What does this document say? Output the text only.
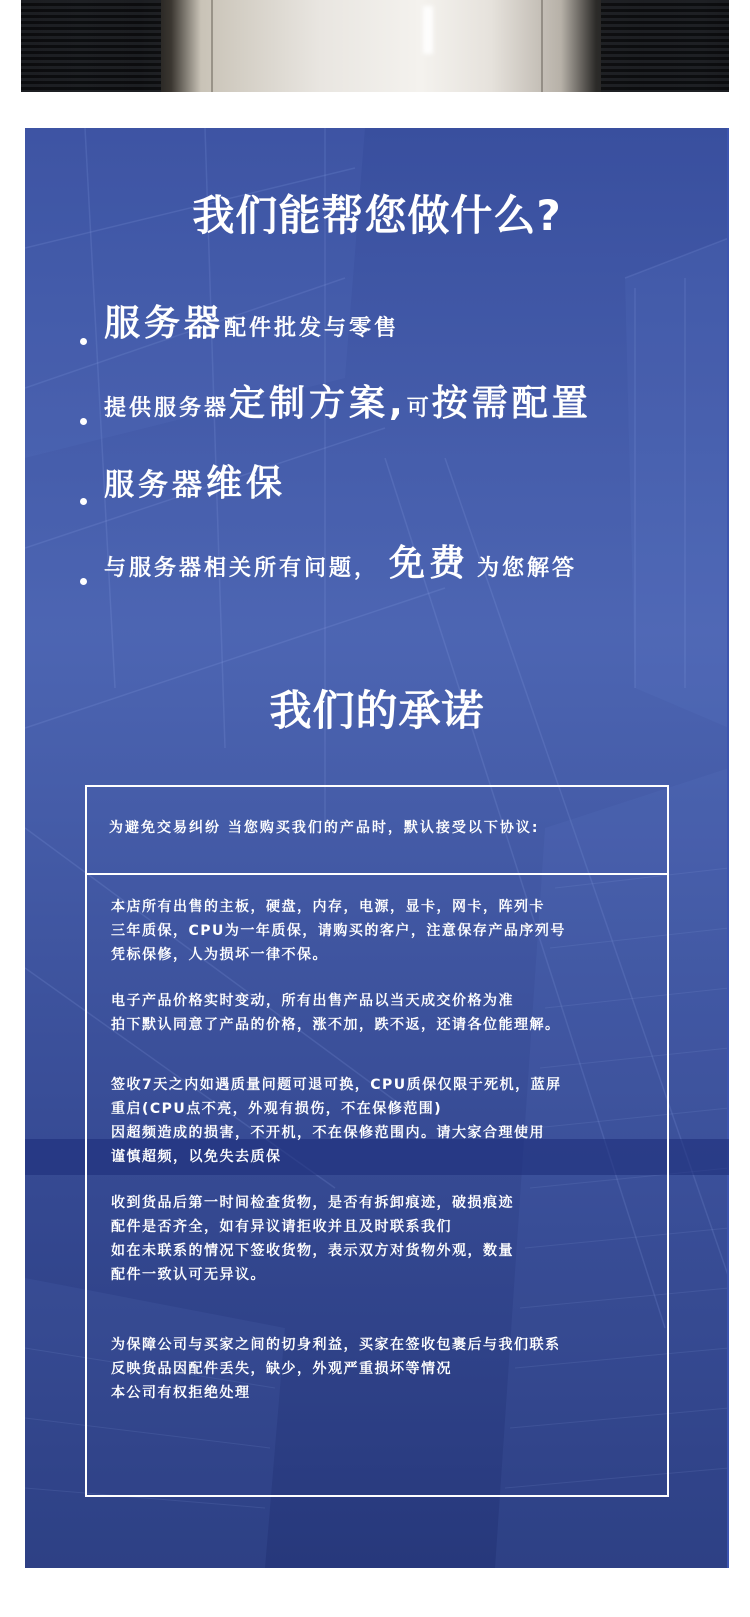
我们能帮您做什么?
服务器配件批发与零售
提供服务器定制方案,可按需配置
服务器维保
与服务器相关所有问题， 免费 为您解答
我们的承诺
为避免交易纠纷 当您购买我们的产品时，默认接受以下协议:
本店所有出售的主板，硬盘，内存，电源，显卡，网卡，阵列卡
三年质保，CPU为一年质保，请购买的客户，注意保存产品序列号
凭标保修，人为损坏一律不保。
电子产品价格实时变动，所有出售产品以当天成交价格为准
拍下默认同意了产品的价格，涨不加，跌不返，还请各位能理解。
签收7天之内如遇质量问题可退可换，CPU质保仅限于死机，蓝屏
重启(CPU点不亮，外观有损伤，不在保修范围)
因超频造成的损害，不开机，不在保修范围内。请大家合理使用
谨慎超频，以免失去质保
收到货品后第一时间检查货物，是否有拆卸痕迹，破损痕迹
配件是否齐全，如有异议请拒收并且及时联系我们
如在未联系的情况下签收货物，表示双方对货物外观，数量
配件一致认可无异议。
为保障公司与买家之间的切身利益，买家在签收包裹后与我们联系
反映货品因配件丢失，缺少，外观严重损坏等情况
本公司有权拒绝处理
